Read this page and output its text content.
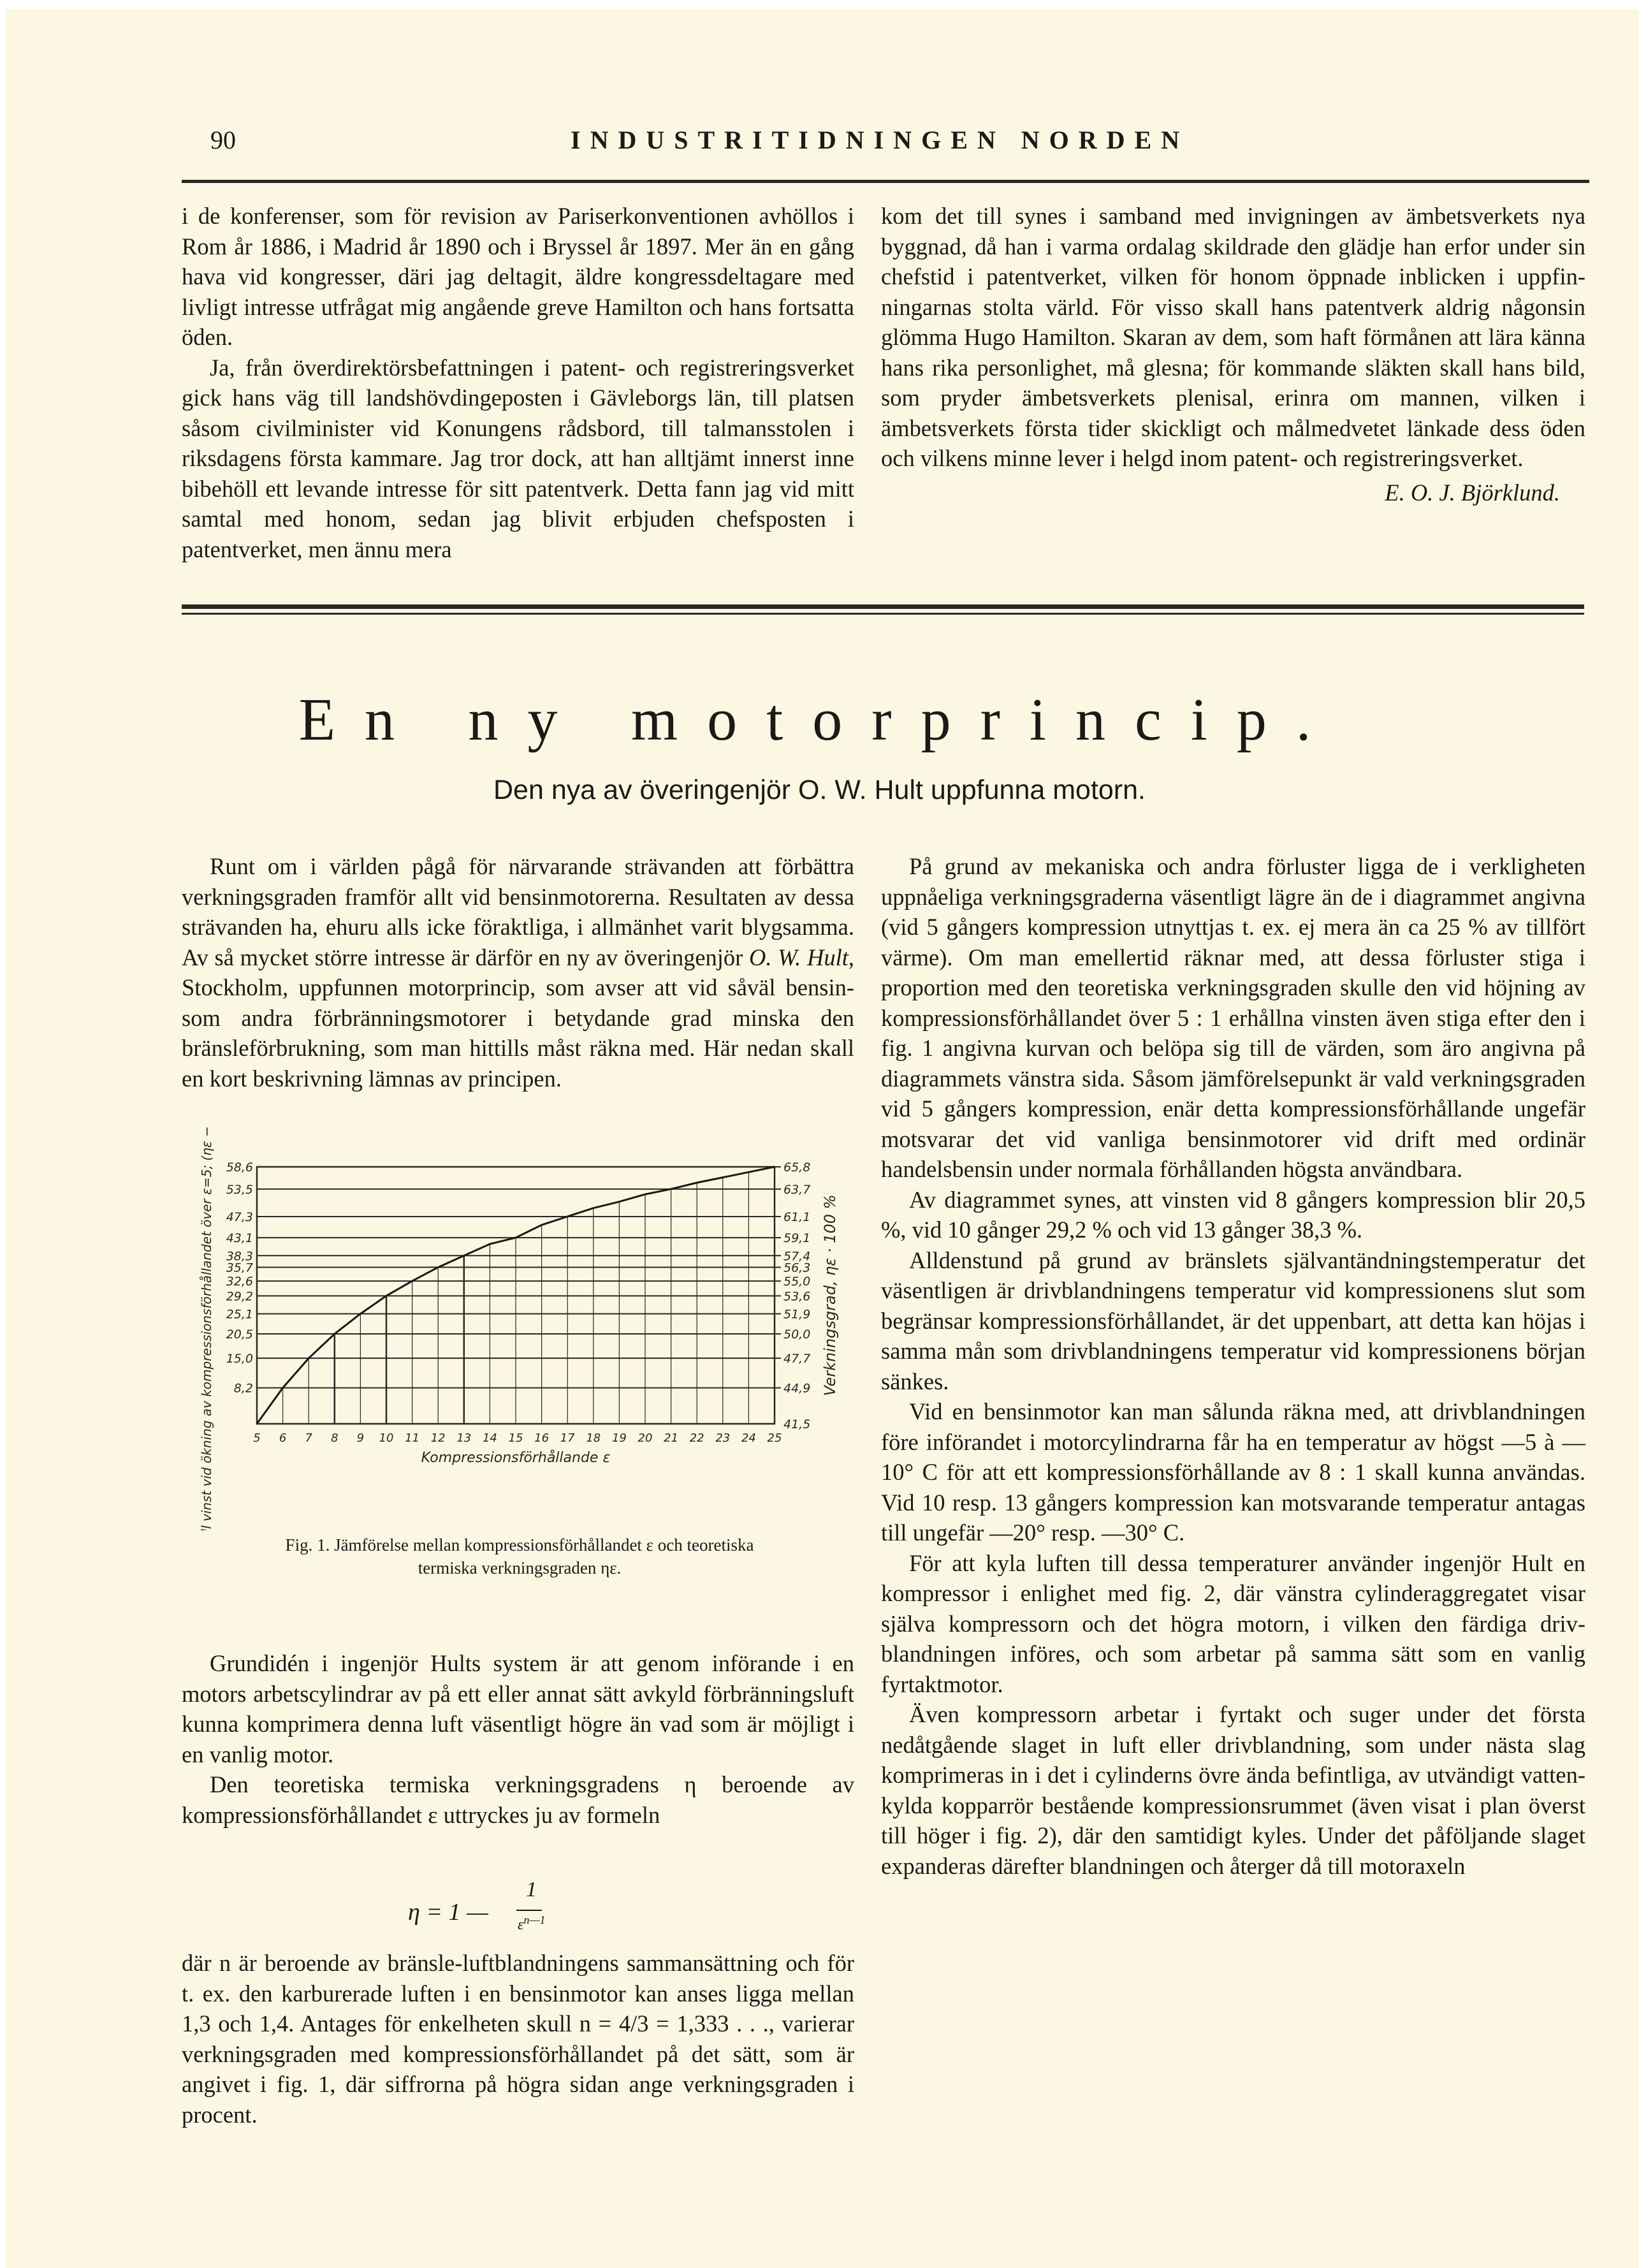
90	INDUSTRITIDNINGEN NORDEN

i de konferenser, som för revision av Pariserkonventionen avhöllos i Rom år 1886, i Madrid år 1890 och i Bryssel år 1897. Mer än en gång hava vid kongresser, däri jag deltagit, äldre kongressdeltagare med livligt intresse utfrågat mig angående greve Hamilton och hans fortsatta öden.

Ja, från överdirektörsbefattningen i patent- och registreringsverket gick hans väg till landshövdingeposten i Gävleborgs län, till platsen såsom civilminister vid Konungens rådsbord, till talmansstolen i riksdagens första kammare. Jag tror dock, att han alltjämt innerst inne bibehöll ett levande intresse för sitt patentverk. Detta fann jag vid mitt samtal med honom, sedan jag blivit erbjuden chefsposten i patentverket, men ännu mera

kom det till synes i samband med invigningen av ämbetsverkets nya byggnad, då han i varma ordalag skildrade den glädje han erfor under sin chefstid i patentverket, vilken för honom öppnade inblicken i uppfinningarnas stolta värld. För visso skall hans patentverk aldrig någonsin glömma Hugo Hamilton. Skaran av dem, som haft förmånen att lära känna hans rika personlighet, må glesna; för kommande släkten skall hans bild, som pryder ämbetsverkets plenisal, erinra om mannen, vilken i ämbetsverkets första tider skickligt och målmedvetet länkade dess öden och vilkens minne lever i helgd inom patent- och registreringsverket.

E. O. J. Björklund.

En ny motorprincip.
Den nya av överingenjör O. W. Hult uppfunna motorn.

Runt om i världen pågå för närvarande strävanden att förbättra verkningsgraden framför allt vid bensinmotorerna. Resultaten av dessa strävanden ha, ehuru alls icke föraktliga, i allmänhet varit blygsamma. Av så mycket större intresse är därför en ny av överingenjör O. W. Hult, Stockholm, uppfunnen motorprincip, som avser att vid såväl bensin- som andra förbränningsmotorer i betydande grad minska den bränsleförbrukning, som man hittills måst räkna med. Här nedan skall en kort beskrivning lämnas av principen.

8,2
15,0
20,5
25,1
29,2
32,6
35,7
38,3
43,1
47,3
53,5
58,6
41,5
44,9
47,7
50,0
51,9
53,6
55,0
56,3
57,4
59,1
61,1
63,7
65,8
5 6 7 8 9 10 11 12 13 14 15 16 17 18 19 20 21 22 23 24 25
Kompressionsförhållande ε
Procentuell vinst vid ökning av kompressionsförhållandet över ε=5; (ηε − η5)/η5 · 100%	Verkningsgrad, ηε · 100 %
Fig. 1. Jämförelse mellan kompressionsförhållandet ε och teoretiska
termiska verkningsgraden ηε.

Grundidén i ingenjör Hults system är att genom införande i en motors arbetscylindrar av på ett eller annat sätt avkyld förbränningsluft kunna komprimera denna luft väsentligt högre än vad som är möjligt i en vanlig motor.

Den teoretiska termiska verkningsgradens η beroende av kompressionsförhållandet ε uttryckes ju av formeln

η = 1 —
1
$\varepsilon^{n—1}$

där n är beroende av bränsle-luftblandningens sammansättning och för t. ex. den karburerade luften i en bensinmotor kan anses ligga mellan 1,3 och 1,4. Antages för enkelheten skull n = 4/3 = 1,333 . . ., varierar verkningsgraden med kompressionsförhållandet på det sätt, som är angivet i fig. 1, där siffrorna på högra sidan ange verkningsgraden i procent.

På grund av mekaniska och andra förluster ligga de i verkligheten uppnåeliga verkningsgraderna väsentligt lägre än de i diagrammet angivna (vid 5 gångers kompression utnyttjas t. ex. ej mera än ca 25 % av tillfört värme). Om man emellertid räknar med, att dessa förluster stiga i proportion med den teoretiska verkningsgraden skulle den vid höjning av kompressionsförhållandet över 5 : 1 erhållna vinsten även stiga efter den i fig. 1 angivna kurvan och belöpa sig till de värden, som äro angivna på diagrammets vänstra sida. Såsom jämförelsepunkt är vald verkningsgraden vid 5 gångers kompression, enär detta kompressionsförhållande ungefär motsvarar det vid vanliga bensinmotorer vid drift med ordinär handelsbensin under normala förhållanden högsta användbara.

Av diagrammet synes, att vinsten vid 8 gångers kompression blir 20,5 %, vid 10 gånger 29,2 % och vid 13 gånger 38,3 %.

Alldenstund på grund av bränslets självantändningstemperatur det väsentligen är drivblandningens temperatur vid kompressionens slut som begränsar kompressionsförhållandet, är det uppenbart, att detta kan höjas i samma mån som drivblandningens temperatur vid kompressionens början sänkes.

Vid en bensinmotor kan man sålunda räkna med, att drivblandningen före införandet i motorcylindrarna får ha en temperatur av högst —5 à —10° C för att ett kompressionsförhållande av 8 : 1 skall kunna användas. Vid 10 resp. 13 gångers kompression kan motsvarande temperatur antagas till ungefär —20° resp. —30° C.

För att kyla luften till dessa temperaturer använder ingenjör Hult en kompressor i enlighet med fig. 2, där vänstra cylinderaggregatet visar själva kompressorn och det högra motorn, i vilken den färdiga drivblandningen införes, och som arbetar på samma sätt som en vanlig fyrtaktmotor.

Även kompressorn arbetar i fyrtakt och suger under det första nedåtgående slaget in luft eller drivblandning, som under nästa slag komprimeras in i det i cylinderns övre ända befintliga, av utvändigt vattenkylda kopparrör bestående kompressionsrummet (även visat i plan överst till höger i fig. 2), där den samtidigt kyles. Under det påföljande slaget expanderas därefter blandningen och återger då till motoraxeln
